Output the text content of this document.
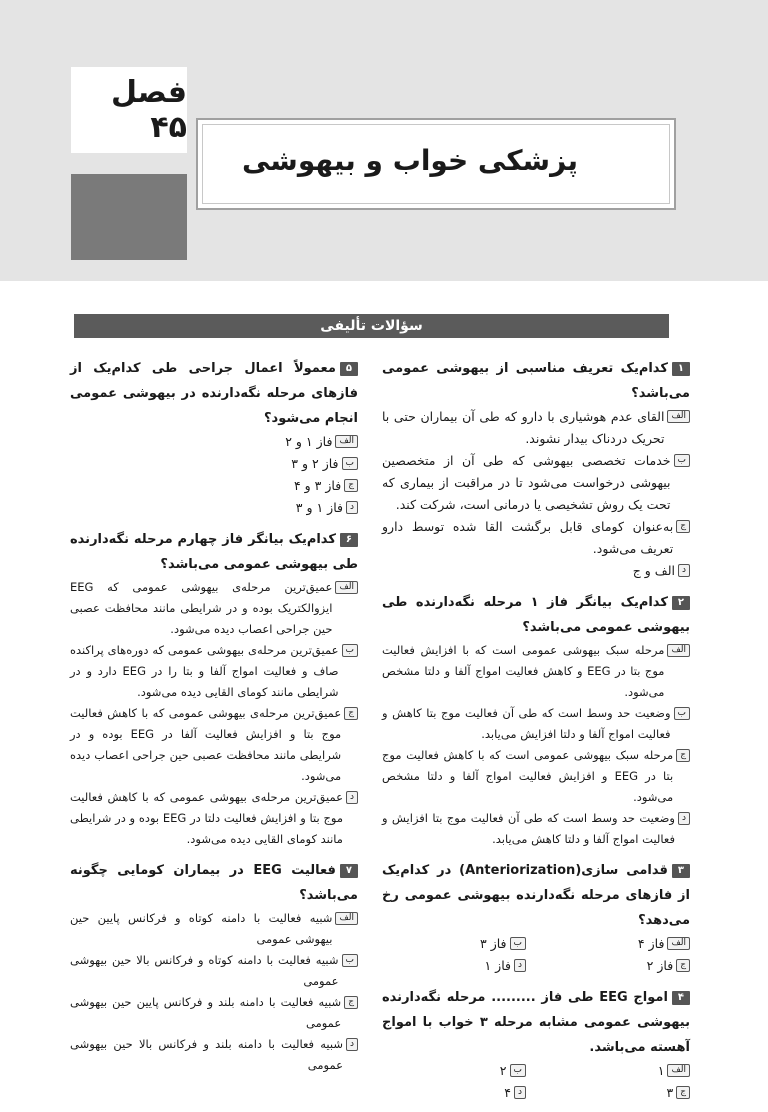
فصل ۴۵
پزشکی خواب و بیهوشی
سؤالات تألیفی
۱کدام‌یک تعریف مناسبی از بیهوشی عمومی می‌باشد؟
الف
القای عدم هوشیاری با دارو که طی آن بیماران حتی با تحریک دردناک بیدار نشوند.
ب
خدمات تخصصی بیهوشی که طی آن از متخصصین بیهوشی درخواست می‌شود تا در مراقبت از بیماری که تحت یک روش تشخیصی یا درمانی است، شرکت کند.
ج
به‌عنوان کومای قابل برگشت القا شده توسط دارو تعریف می‌شود.
د
الف و ج
۲کدام‌یک بیانگر فاز ۱ مرحله نگه‌دارنده طی بیهوشی عمومی می‌باشد؟
الف
مرحله سبک بیهوشی عمومی است که با افزایش فعالیت موج بتا در EEG و کاهش فعالیت امواج آلفا و دلتا مشخص می‌شود.
ب
وضعیت حد وسط است که طی آن فعالیت موج بتا کاهش و فعالیت امواج آلفا و دلتا افزایش می‌یابد.
ج
مرحله سبک بیهوشی عمومی است که با کاهش فعالیت موج بتا در EEG و افزایش فعالیت امواج آلفا و دلتا مشخص می‌شود.
د
وضعیت حد وسط است که طی آن فعالیت موج بتا افزایش و فعالیت امواج آلفا و دلتا کاهش می‌یابد.
۳قدامی سازی(Anteriorization) در کدام‌یک از فازهای مرحله نگه‌دارنده بیهوشی عمومی رخ می‌دهد؟
الف
فاز ۴
ب
فاز ۳
ج
فاز ۲
د
فاز ۱
۴امواج EEG طی فاز ......... مرحله نگه‌دارنده بیهوشی عمومی مشابه مرحله ۳ خواب با امواج آهسته می‌باشد.
الف
۱
ب
۲
ج
۳
د
۴
۵معمولاً اعمال جراحی طی کدام‌یک از فازهای مرحله نگه‌دارنده در بیهوشی عمومی انجام می‌شود؟
الف
فاز ۱ و ۲
ب
فاز ۲ و ۳
ج
فاز ۳ و ۴
د
فاز ۱ و ۳
۶کدام‌یک بیانگر فاز چهارم مرحله نگه‌دارنده طی بیهوشی عمومی می‌باشد؟
الف
عمیق‌ترین مرحله‌ی بیهوشی عمومی که EEG ایزوالکتریک بوده و در شرایطی مانند محافظت عصبی حین جراحی اعصاب دیده می‌شود.
ب
عمیق‌ترین مرحله‌ی بیهوشی عمومی که دوره‌های پراکنده صاف و فعالیت امواج آلفا و بتا را در EEG دارد و در شرایطی مانند کومای القایی دیده می‌شود.
ج
عمیق‌ترین مرحله‌ی بیهوشی عمومی که با کاهش فعالیت موج بتا و افزایش فعالیت آلفا در EEG بوده و در شرایطی مانند محافظت عصبی حین جراحی اعصاب دیده می‌شود.
د
عمیق‌ترین مرحله‌ی بیهوشی عمومی که با کاهش فعالیت موج بتا و افزایش فعالیت دلتا در EEG بوده و در شرایطی مانند کومای القایی دیده می‌شود.
۷فعالیت EEG در بیماران کومایی چگونه می‌باشد؟
الف
شبیه فعالیت با دامنه کوتاه و فرکانس پایین حین بیهوشی عمومی
ب
شبیه فعالیت با دامنه کوتاه و فرکانس بالا حین بیهوشی عمومی
ج
شبیه فعالیت با دامنه بلند و فرکانس پایین حین بیهوشی عمومی
د
شبیه فعالیت با دامنه بلند و فرکانس بالا حین بیهوشی عمومی
